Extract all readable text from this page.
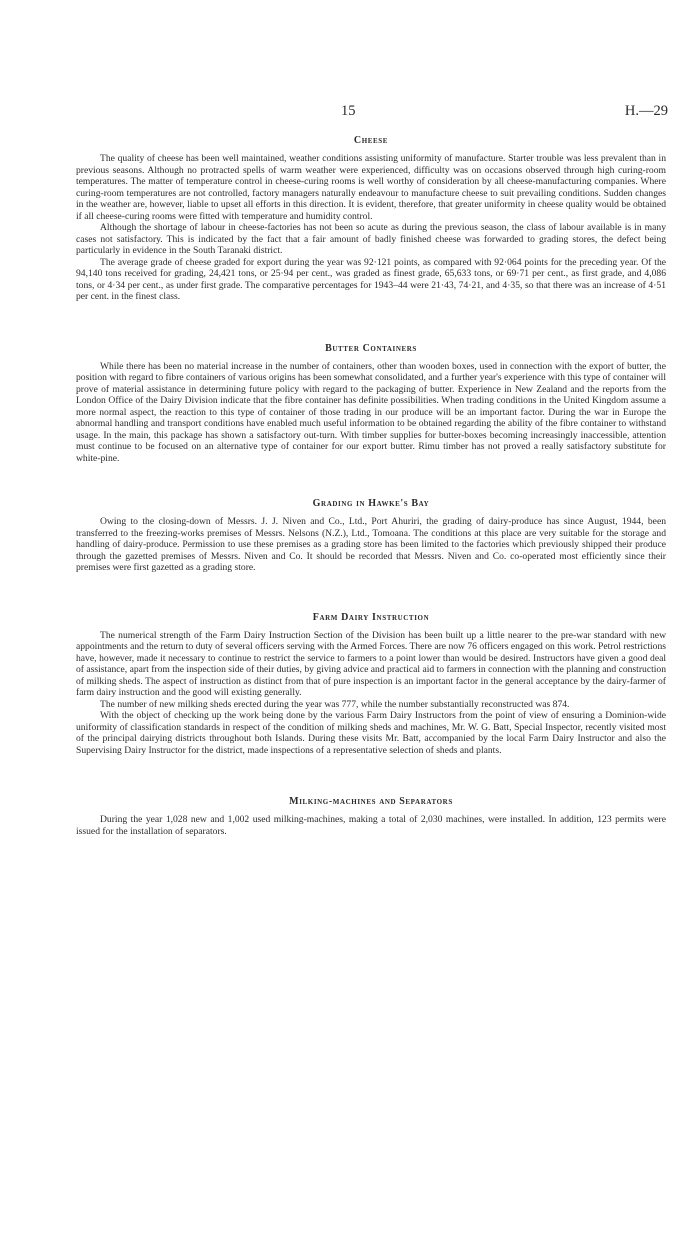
15	H.—29
Cheese

The quality of cheese has been well maintained, weather conditions assisting uniformity of manufacture. Starter trouble was less prevalent than in previous seasons. Although no protracted spells of warm weather were experienced, difficulty was on occasions observed through high curing-room temperatures. The matter of temperature control in cheese-curing rooms is well worthy of consideration by all cheese-manufacturing companies. Where curing-room temperatures are not controlled, factory managers naturally endeavour to manufacture cheese to suit prevailing conditions. Sudden changes in the weather are, however, liable to upset all efforts in this direction. It is evident, therefore, that greater uniformity in cheese quality would be obtained if all cheese-curing rooms were fitted with temperature and humidity control.

Although the shortage of labour in cheese-factories has not been so acute as during the previous season, the class of labour available is in many cases not satisfactory. This is indicated by the fact that a fair amount of badly finished cheese was forwarded to grading stores, the defect being particularly in evidence in the South Taranaki district.

The average grade of cheese graded for export during the year was 92·121 points, as compared with 92·064 points for the preceding year. Of the 94,140 tons received for grading, 24,421 tons, or 25·94 per cent., was graded as finest grade, 65,633 tons, or 69·71 per cent., as first grade, and 4,086 tons, or 4·34 per cent., as under first grade. The comparative percentages for 1943–44 were 21·43, 74·21, and 4·35, so that there was an increase of 4·51 per cent. in the finest class.

Butter Containers

While there has been no material increase in the number of containers, other than wooden boxes, used in connection with the export of butter, the position with regard to fibre containers of various origins has been somewhat consolidated, and a further year's experience with this type of container will prove of material assistance in determining future policy with regard to the packaging of butter. Experience in New Zealand and the reports from the London Office of the Dairy Division indicate that the fibre container has definite possibilities. When trading conditions in the United Kingdom assume a more normal aspect, the reaction to this type of container of those trading in our produce will be an important factor. During the war in Europe the abnormal handling and transport conditions have enabled much useful information to be obtained regarding the ability of the fibre container to withstand usage. In the main, this package has shown a satisfactory out-turn. With timber supplies for butter-boxes becoming increasingly inaccessible, attention must continue to be focused on an alternative type of container for our export butter. Rimu timber has not proved a really satisfactory substitute for white-pine.

Grading in Hawke's Bay

Owing to the closing-down of Messrs. J. J. Niven and Co., Ltd., Port Ahuriri, the grading of dairy-produce has since August, 1944, been transferred to the freezing-works premises of Messrs. Nelsons (N.Z.), Ltd., Tomoana. The conditions at this place are very suitable for the storage and handling of dairy-produce. Permission to use these premises as a grading store has been limited to the factories which previously shipped their produce through the gazetted premises of Messrs. Niven and Co. It should be recorded that Messrs. Niven and Co. co-operated most efficiently since their premises were first gazetted as a grading store.

Farm Dairy Instruction

The numerical strength of the Farm Dairy Instruction Section of the Division has been built up a little nearer to the pre-war standard with new appointments and the return to duty of several officers serving with the Armed Forces. There are now 76 officers engaged on this work. Petrol restrictions have, however, made it necessary to continue to restrict the service to farmers to a point lower than would be desired. Instructors have given a good deal of assistance, apart from the inspection side of their duties, by giving advice and practical aid to farmers in connection with the planning and construction of milking sheds. The aspect of instruction as distinct from that of pure inspection is an important factor in the general acceptance by the dairy-farmer of farm dairy instruction and the good will existing generally.

The number of new milking sheds erected during the year was 777, while the number substantially reconstructed was 874.

With the object of checking up the work being done by the various Farm Dairy Instructors from the point of view of ensuring a Dominion-wide uniformity of classification standards in respect of the condition of milking sheds and machines, Mr. W. G. Batt, Special Inspector, recently visited most of the principal dairying districts throughout both Islands. During these visits Mr. Batt, accompanied by the local Farm Dairy Instructor and also the Supervising Dairy Instructor for the district, made inspections of a representative selection of sheds and plants.

Milking-machines and Separators

During the year 1,028 new and 1,002 used milking-machines, making a total of 2,030 machines, were installed. In addition, 123 permits were issued for the installation of separators.
